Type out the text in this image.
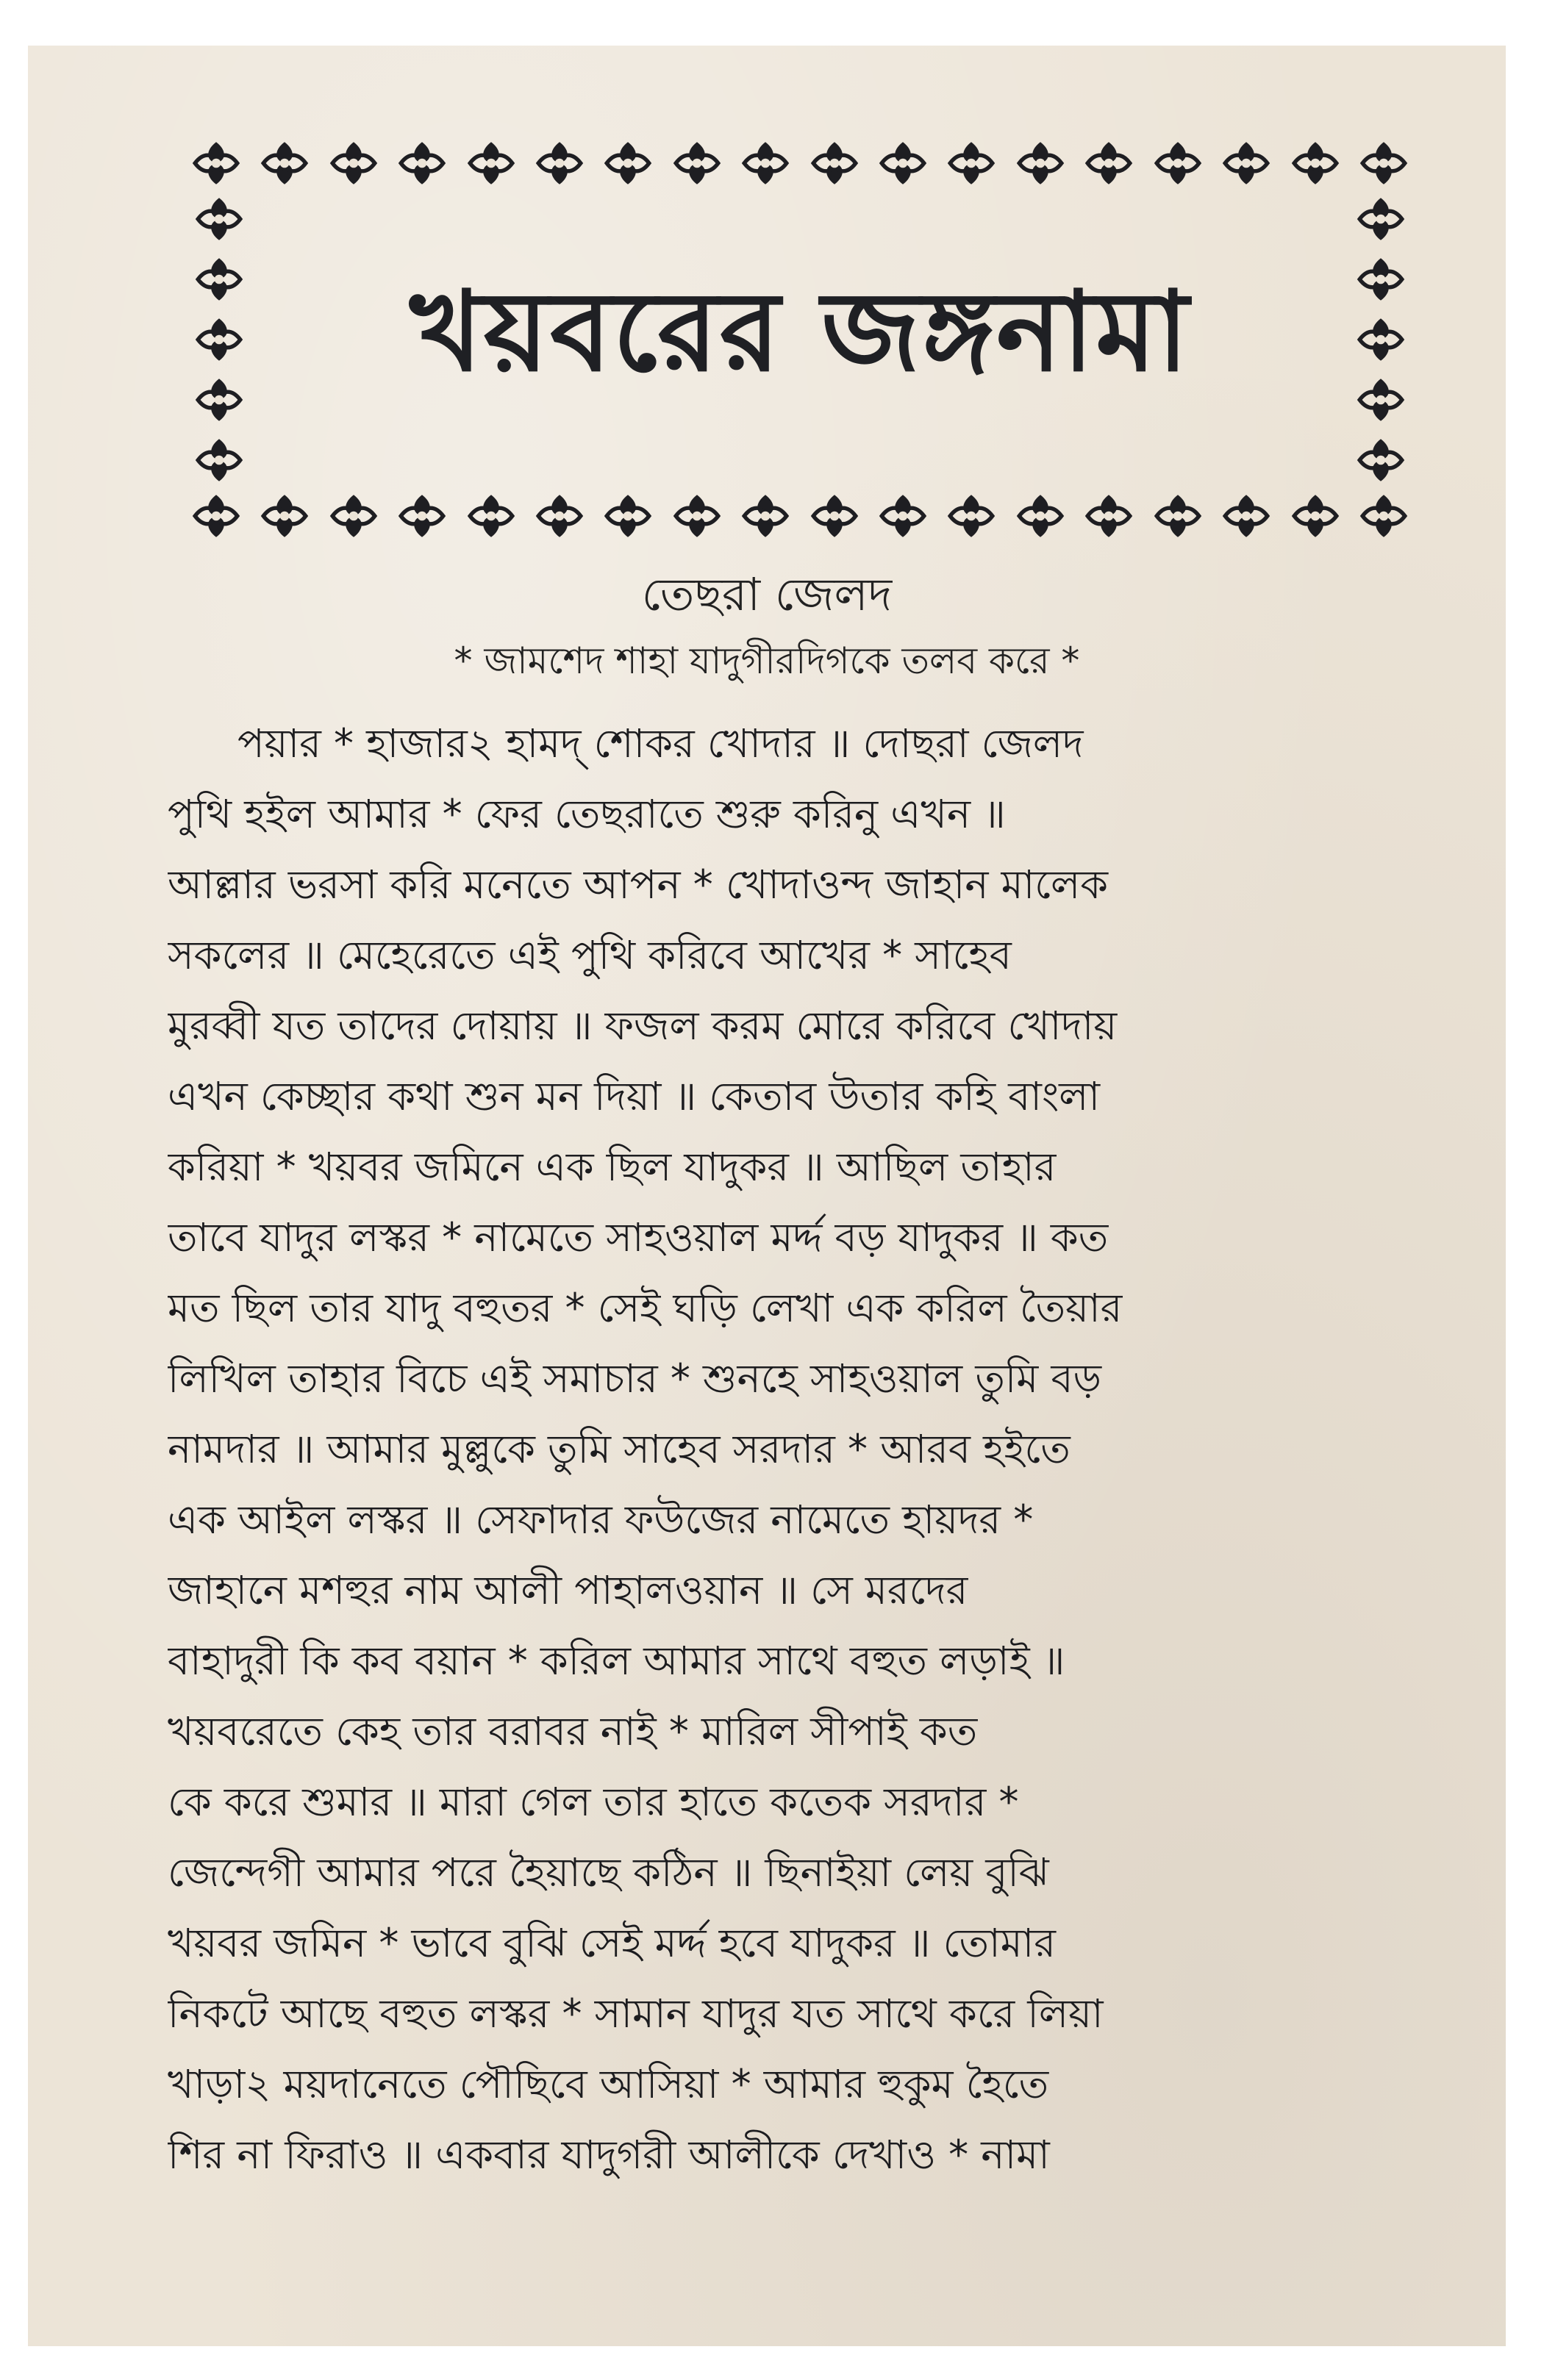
খয়বরের জঙ্গনামা
তেছরা জেলদ
* জামশেদ শাহা যাদুগীরদিগকে তলব করে *
পয়ার * হাজার২ হামদ্ শোকর খোদার ॥ দোছরা জেলদ
পুথি হইল আমার * ফের তেছরাতে শুরু করিনু এখন ॥
আল্লার ভরসা করি মনেতে আপন * খোদাওন্দ জাহান মালেক
সকলের ॥ মেহেরেতে এই পুথি করিবে আখের * সাহেব
মুরব্বী যত তাদের দোয়ায় ॥ ফজল করম মোরে করিবে খোদায়
এখন কেচ্ছার কথা শুন মন দিয়া ॥ কেতাব উতার কহি বাংলা
করিয়া * খয়বর জমিনে এক ছিল যাদুকর ॥ আছিল তাহার
তাবে যাদুর লস্কর * নামেতে সাহওয়াল মর্দ্দ বড় যাদুকর ॥ কত
মত ছিল তার যাদু বহুতর * সেই ঘড়ি লেখা এক করিল তৈয়ার
লিখিল তাহার বিচে এই সমাচার * শুনহে সাহওয়াল তুমি বড়
নামদার ॥ আমার মুল্লুকে তুমি সাহেব সরদার * আরব হইতে
এক আইল লস্কর ॥ সেফাদার ফউজের নামেতে হায়দর *
জাহানে মশহুর নাম আলী পাহালওয়ান ॥ সে মরদের
বাহাদুরী কি কব বয়ান * করিল আমার সাথে বহুত লড়াই ॥
খয়বরেতে কেহ তার বরাবর নাই * মারিল সীপাই কত
কে করে শুমার ॥ মারা গেল তার হাতে কতেক সরদার *
জেন্দেগী আমার পরে হৈয়াছে কঠিন ॥ ছিনাইয়া লেয় বুঝি
খয়বর জমিন * ভাবে বুঝি সেই মর্দ্দ হবে যাদুকর ॥ তোমার
নিকটে আছে বহুত লস্কর * সামান যাদুর যত সাথে করে লিয়া
খাড়া২ ময়দানেতে পৌছিবে আসিয়া * আমার হুকুম হৈতে
শির না ফিরাও ॥ একবার যাদুগরী আলীকে দেখাও * নামা
